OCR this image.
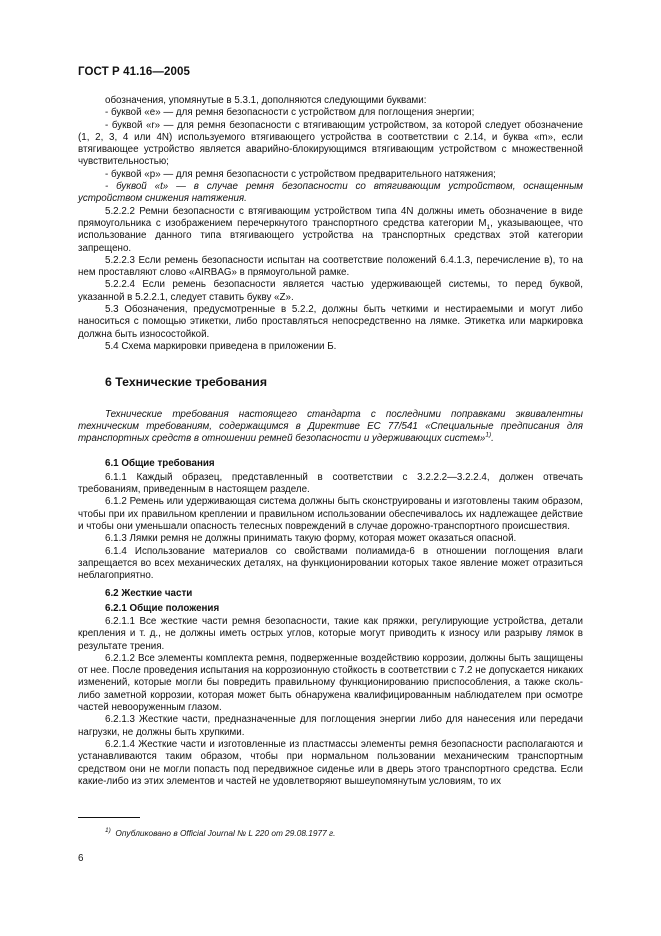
ГОСТ Р 41.16—2005

обозначения, упомянутые в 5.3.1, дополняются следующими буквами:

- буквой «e» — для ремня безопасности с устройством для поглощения энергии;

- буквой «r» — для ремня безопасности с втягивающим устройством, за которой следует обозначение (1, 2, 3, 4 или 4N) используемого втягивающего устройства в соответствии с 2.14, и буква «m», если втягивающее устройство является аварийно-блокирующимся втягивающим устройством с множественной чувствительностью;

- буквой «p» — для ремня безопасности с устройством предварительного натяжения;

- буквой «t» — в случае ремня безопасности со втягивающим устройством, оснащенным устройством снижения натяжения.

5.2.2.2 Ремни безопасности с втягивающим устройством типа 4N должны иметь обозначение в виде прямоугольника с изображением перечеркнутого транспортного средства категории $M_1$, указывающее, что использование данного типа втягивающего устройства на транспортных средствах этой категории запрещено.

5.2.2.3 Если ремень безопасности испытан на соответствие положений 6.4.1.3, перечисление в), то на нем проставляют слово «AIRBAG» в прямоугольной рамке.

5.2.2.4 Если ремень безопасности является частью удерживающей системы, то перед буквой, указанной в 5.2.2.1, следует ставить букву «Z».

5.3 Обозначения, предусмотренные в 5.2.2, должны быть четкими и нестираемыми и могут либо наноситься с помощью этикетки, либо проставляться непосредственно на лямке. Этикетка или маркировка должна быть износостойкой.

5.4 Схема маркировки приведена в приложении Б.

6 Технические требования

Технические требования настоящего стандарта с последними поправками эквивалентны техническим требованиям, содержащимся в Директиве ЕС 77/541 «Специальные предписания для транспортных средств в отношении ремней безопасности и удерживающих систем»$^{1)}$.

6.1 Общие требования

6.1.1 Каждый образец, представленный в соответствии с 3.2.2.2—3.2.2.4, должен отвечать требованиям, приведенным в настоящем разделе.

6.1.2 Ремень или удерживающая система должны быть сконструированы и изготовлены таким образом, чтобы при их правильном креплении и правильном использовании обеспечивалось их надлежащее действие и чтобы они уменьшали опасность телесных повреждений в случае дорожно-транспортного происшествия.

6.1.3 Лямки ремня не должны принимать такую форму, которая может оказаться опасной.

6.1.4 Использование материалов со свойствами полиамида-6 в отношении поглощения влаги запрещается во всех механических деталях, на функционировании которых такое явление может отразиться неблагоприятно.

6.2 Жесткие части
6.2.1 Общие положения

6.2.1.1 Все жесткие части ремня безопасности, такие как пряжки, регулирующие устройства, детали крепления и т. д., не должны иметь острых углов, которые могут приводить к износу или разрыву лямок в результате трения.

6.2.1.2 Все элементы комплекта ремня, подверженные воздействию коррозии, должны быть защищены от нее. После проведения испытания на коррозионную стойкость в соответствии с 7.2 не допускается никаких изменений, которые могли бы повредить правильному функционированию приспособления, а также сколь-либо заметной коррозии, которая может быть обнаружена квалифицированным наблюдателем при осмотре частей невооруженным глазом.

6.2.1.3 Жесткие части, предназначенные для поглощения энергии либо для нанесения или передачи нагрузки, не должны быть хрупкими.

6.2.1.4 Жесткие части и изготовленные из пластмассы элементы ремня безопасности располагаются и устанавливаются таким образом, чтобы при нормальном пользовании механическим транспортным средством они не могли попасть под передвижное сиденье или в дверь этого транспортного средства. Если какие-либо из этих элементов и частей не удовлетворяют вышеупомянутым условиям, то их

$^{1)}$ Опубликовано в Official Journal № L 220 от 29.08.1977 г.
6
